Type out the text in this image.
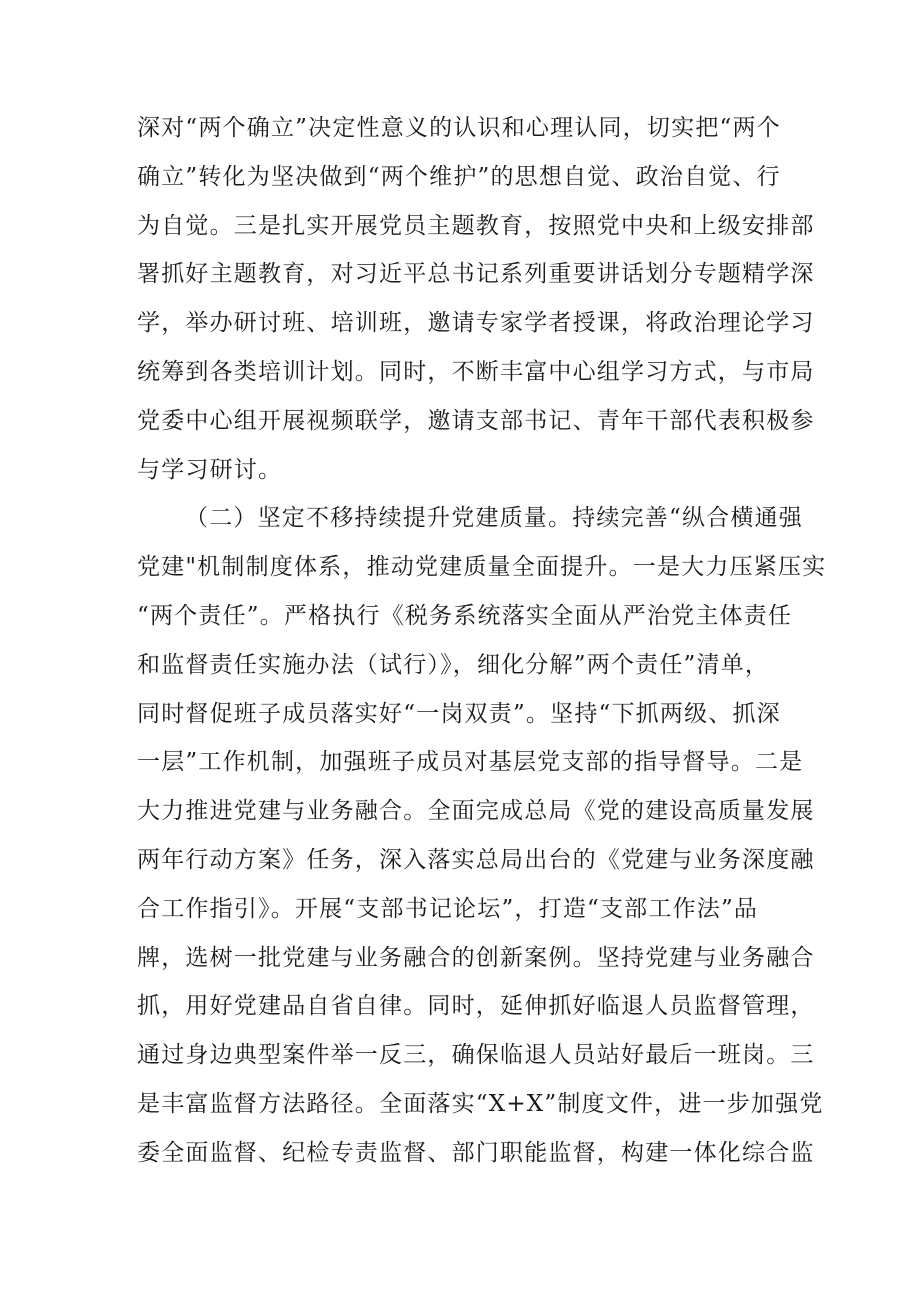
深对“两个确立”决定性意义的认识和心理认同，切实把“两个
确立”转化为坚决做到“两个维护”的思想自觉、政治自觉、行
为自觉。三是扎实开展党员主题教育，按照党中央和上级安排部
署抓好主题教育，对习近平总书记系列重要讲话划分专题精学深
学，举办研讨班、培训班，邀请专家学者授课，将政治理论学习
统筹到各类培训计划。同时，不断丰富中心组学习方式，与市局
党委中心组开展视频联学，邀请支部书记、青年干部代表积极参
与学习研讨。
（二）坚定不移持续提升党建质量。持续完善“纵合横通强
党建"机制制度体系，推动党建质量全面提升。一是大力压紧压实
“两个责任”。严格执行《税务系统落实全面从严治党主体责任
和监督责任实施办法（试行）》，细化分解”两个责任”清单，
同时督促班子成员落实好“一岗双责”。坚持“下抓两级、抓深
一层”工作机制，加强班子成员对基层党支部的指导督导。二是
大力推进党建与业务融合。全面完成总局《党的建设高质量发展
两年行动方案》任务，深入落实总局出台的《党建与业务深度融
合工作指引》。开展“支部书记论坛”，打造“支部工作法”品
牌，选树一批党建与业务融合的创新案例。坚持党建与业务融合
抓，用好党建品自省自律。同时，延伸抓好临退人员监督管理，
通过身边典型案件举一反三，确保临退人员站好最后一班岗。三
是丰富监督方法路径。全面落实“X+X”制度文件，进一步加强党
委全面监督、纪检专责监督、部门职能监督，构建一体化综合监
